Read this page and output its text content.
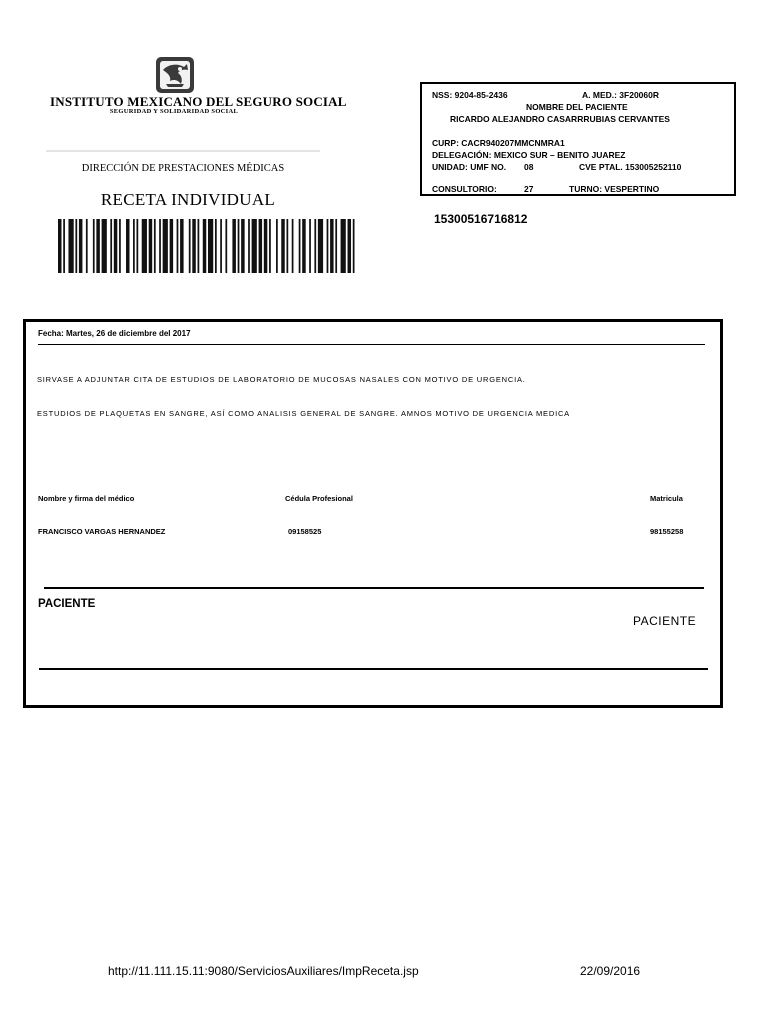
INSTITUTO MEXICANO DEL SEGURO SOCIAL
SEGURIDAD Y SOLIDARIDAD SOCIAL
DIRECCIÓN DE PRESTACIONES MÉDICAS
RECETA INDIVIDUAL
NSS: 9204-85-2436	A. MED.: 3F20060R
NOMBRE DEL PACIENTE
RICARDO ALEJANDRO CASARRRUBIAS CERVANTES
CURP: CACR940207MMCNMRA1
DELEGACIÓN: MEXICO SUR – BENITO JUAREZ
UNIDAD: UMF NO. 08	CVE PTAL. 153005252110
CONSULTORIO:	27	TURNO: VESPERTINO
15300516716812
Fecha: Martes, 26 de diciembre del 2017
SIRVASE A ADJUNTAR CITA DE ESTUDIOS DE LABORATORIO DE MUCOSAS NASALES CON MOTIVO DE URGENCIA.
ESTUDIOS DE PLAQUETAS EN SANGRE, ASÍ COMO ANALISIS GENERAL DE SANGRE. AMNOS MOTIVO DE URGENCIA MEDICA
Nombre y firma del médico	Cédula Profesional	Matricula
FRANCISCO VARGAS HERNANDEZ	09158525	98155258
PACIENTE
PACIENTE
http://11.111.15.11:9080/ServiciosAuxiliares/ImpReceta.jsp	22/09/2016
